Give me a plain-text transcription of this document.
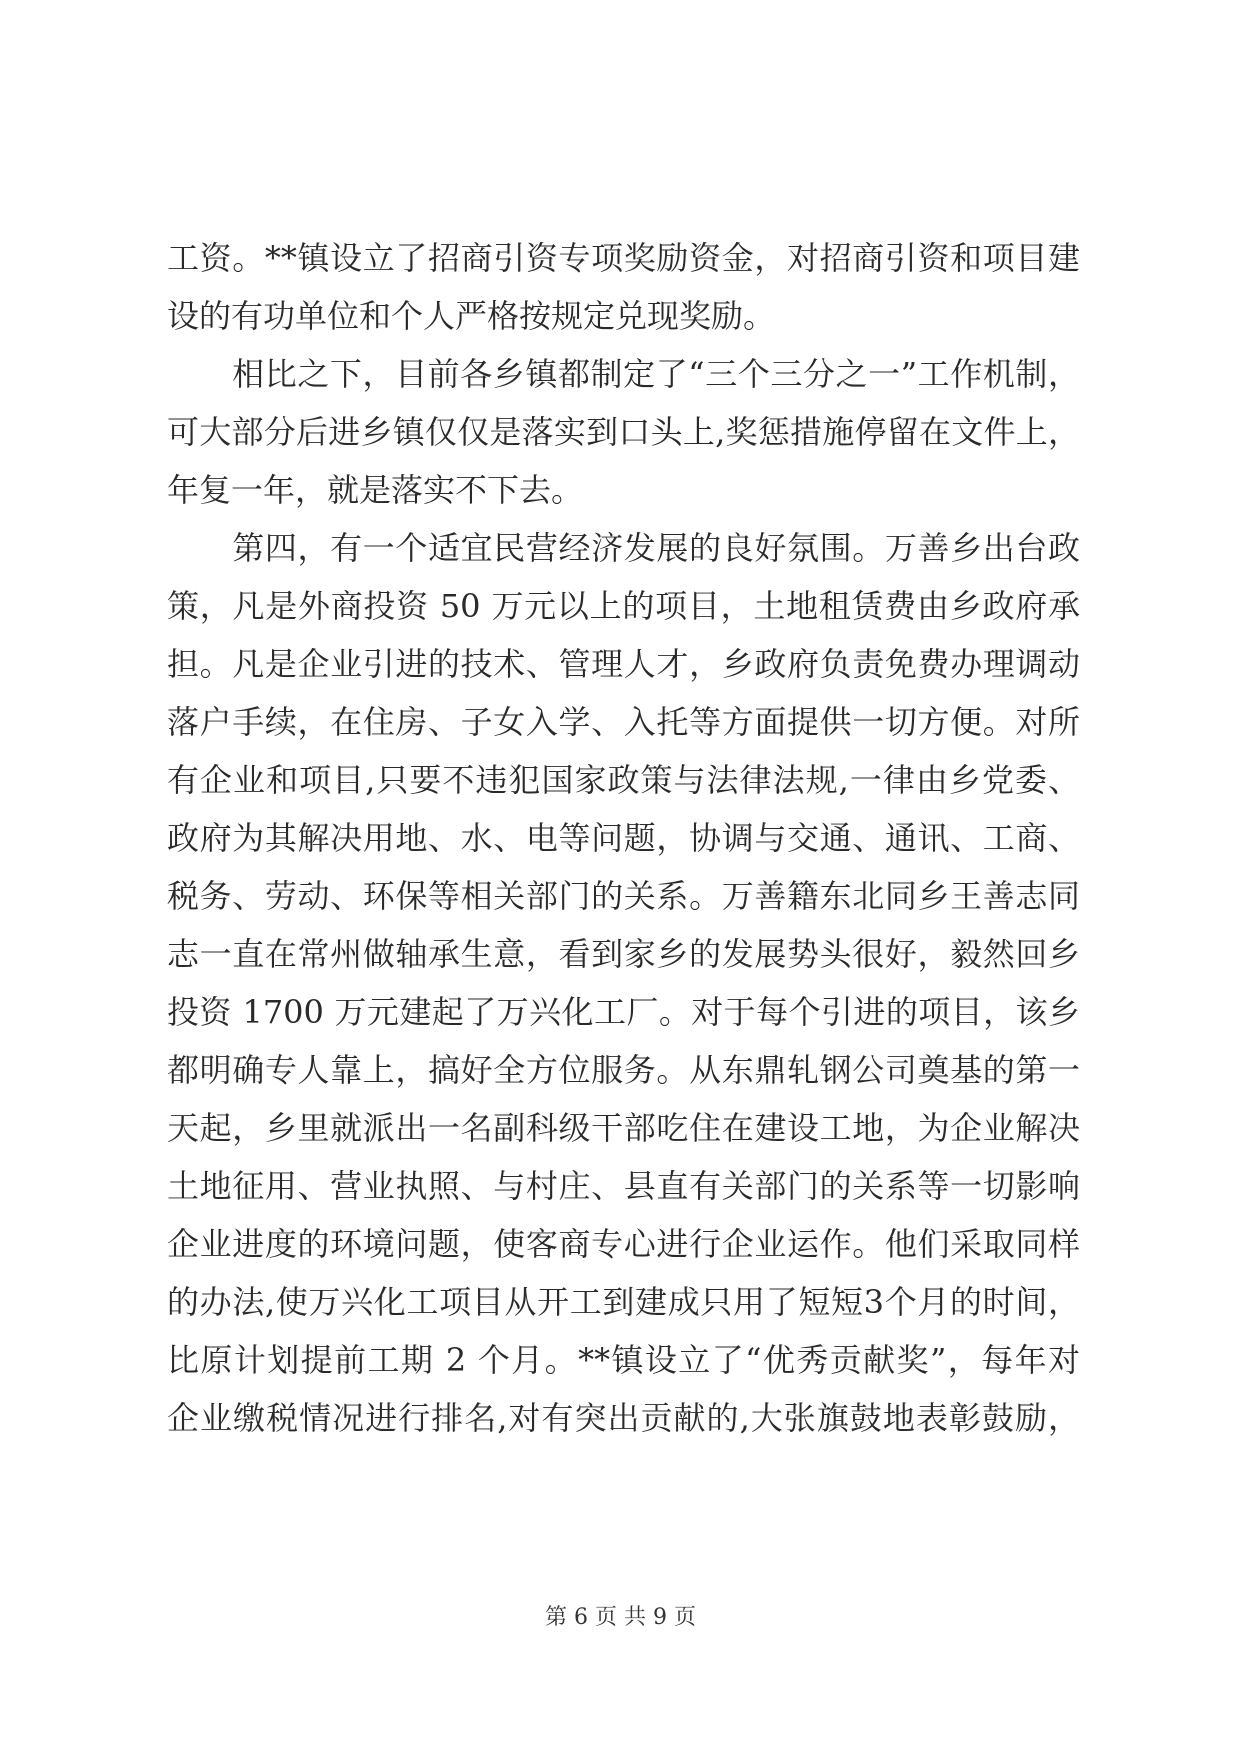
工资。**镇设立了招商引资专项奖励资金，对招商引资和项目建
设的有功单位和个人严格按规定兑现奖励。
　　相比之下，目前各乡镇都制定了“三个三分之一”工作机制，
可大部分后进乡镇仅仅是落实到口头上,奖惩措施停留在文件上，
年复一年，就是落实不下去。
　　第四，有一个适宜民营经济发展的良好氛围。万善乡出台政
策，凡是外商投资 50 万元以上的项目，土地租赁费由乡政府承
担。凡是企业引进的技术、管理人才，乡政府负责免费办理调动
落户手续，在住房、子女入学、入托等方面提供一切方便。对所
有企业和项目,只要不违犯国家政策与法律法规,一律由乡党委、
政府为其解决用地、水、电等问题，协调与交通、通讯、工商、
税务、劳动、环保等相关部门的关系。万善籍东北同乡王善志同
志一直在常州做轴承生意，看到家乡的发展势头很好，毅然回乡
投资 1700 万元建起了万兴化工厂。对于每个引进的项目，该乡
都明确专人靠上，搞好全方位服务。从东鼎轧钢公司奠基的第一
天起，乡里就派出一名副科级干部吃住在建设工地，为企业解决
土地征用、营业执照、与村庄、县直有关部门的关系等一切影响
企业进度的环境问题，使客商专心进行企业运作。他们采取同样
的办法,使万兴化工项目从开工到建成只用了短短3个月的时间，
比原计划提前工期 2 个月。**镇设立了“优秀贡献奖”，每年对
企业缴税情况进行排名,对有突出贡献的,大张旗鼓地表彰鼓励，
第 6 页 共 9 页
